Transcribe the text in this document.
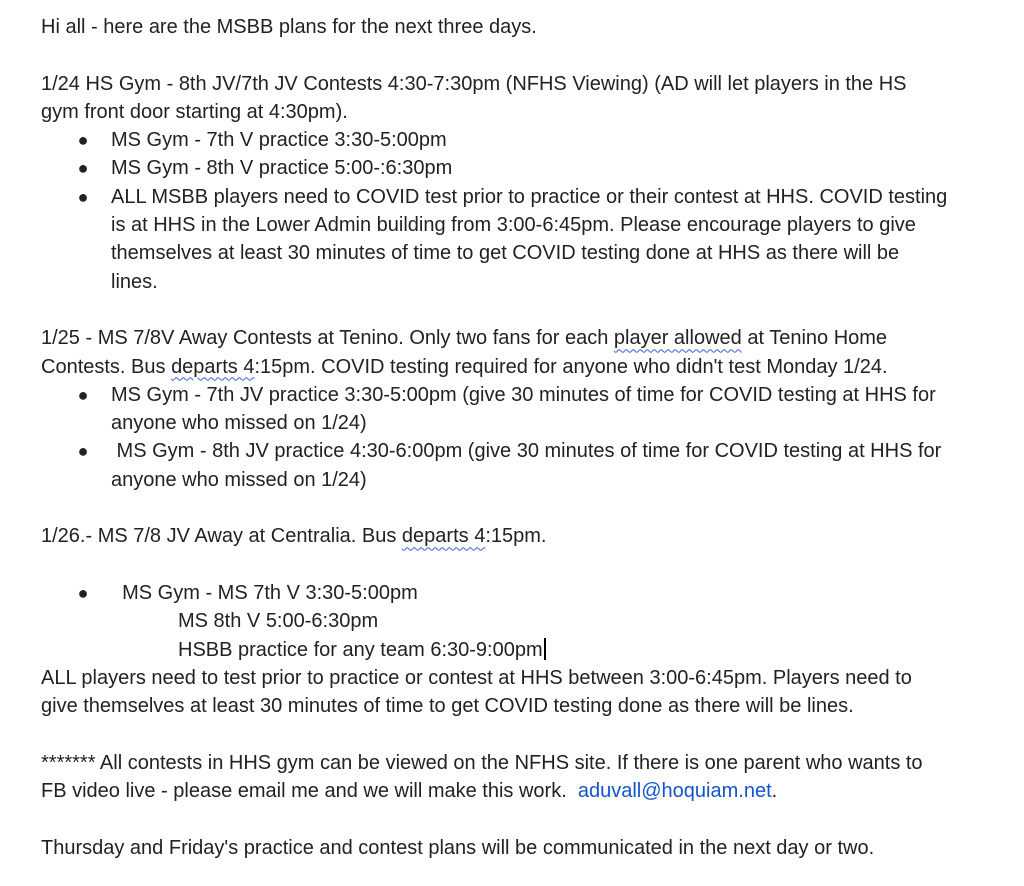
Hi all - here are the MSBB plans for the next three days.
1/24 HS Gym - 8th JV/7th JV Contests 4:30-7:30pm (NFHS Viewing) (AD will let players in the HS
gym front door starting at 4:30pm).
● MS Gym - 7th V practice 3:30-5:00pm
● MS Gym - 8th V practice 5:00-:6:30pm
● ALL MSBB players need to COVID test prior to practice or their contest at HHS. COVID testing
is at HHS in the Lower Admin building from 3:00-6:45pm. Please encourage players to give
themselves at least 30 minutes of time to get COVID testing done at HHS as there will be
lines.
1/25 - MS 7/8V Away Contests at Tenino. Only two fans for each player allowed at Tenino Home
Contests. Bus departs 4:15pm. COVID testing required for anyone who didn't test Monday 1/24.
● MS Gym - 7th JV practice 3:30-5:00pm (give 30 minutes of time for COVID testing at HHS for
anyone who missed on 1/24)
● MS Gym - 8th JV practice 4:30-6:00pm (give 30 minutes of time for COVID testing at HHS for
anyone who missed on 1/24)
1/26.- MS 7/8 JV Away at Centralia. Bus departs 4:15pm.
● MS Gym - MS 7th V 3:30-5:00pm
MS 8th V 5:00-6:30pm
HSBB practice for any team 6:30-9:00pm
ALL players need to test prior to practice or contest at HHS between 3:00-6:45pm. Players need to
give themselves at least 30 minutes of time to get COVID testing done as there will be lines.
******* All contests in HHS gym can be viewed on the NFHS site. If there is one parent who wants to
FB video live - please email me and we will make this work.  aduvall@hoquiam.net.
Thursday and Friday's practice and contest plans will be communicated in the next day or two.
